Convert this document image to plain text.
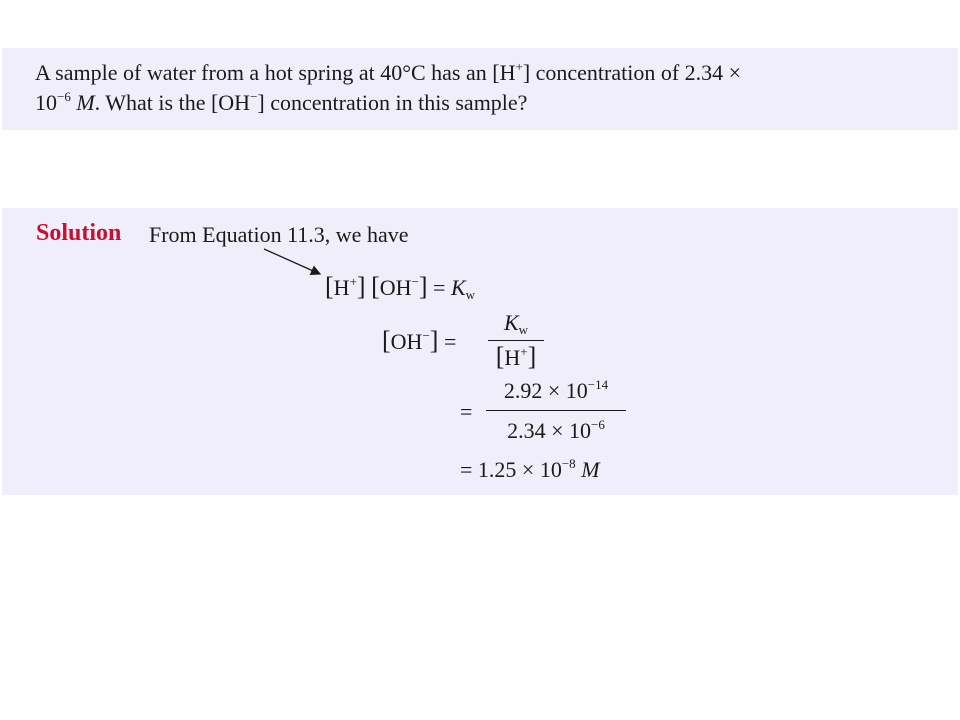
A sample of water from a hot spring at 40°C has an [H+] concentration of 2.34 ×
$10^{-6}$ M. What is the [OH−] concentration in this sample?
Solution From Equation 11.3, we have
[H+] $[OH^-] = K_w$
[OH−] =
$K_w$
[H+]
=
$2.92 \times 10^{-14}$
$2.34 \times 10^{-6}$
= $1.25 \times 10^{-8}$ M
